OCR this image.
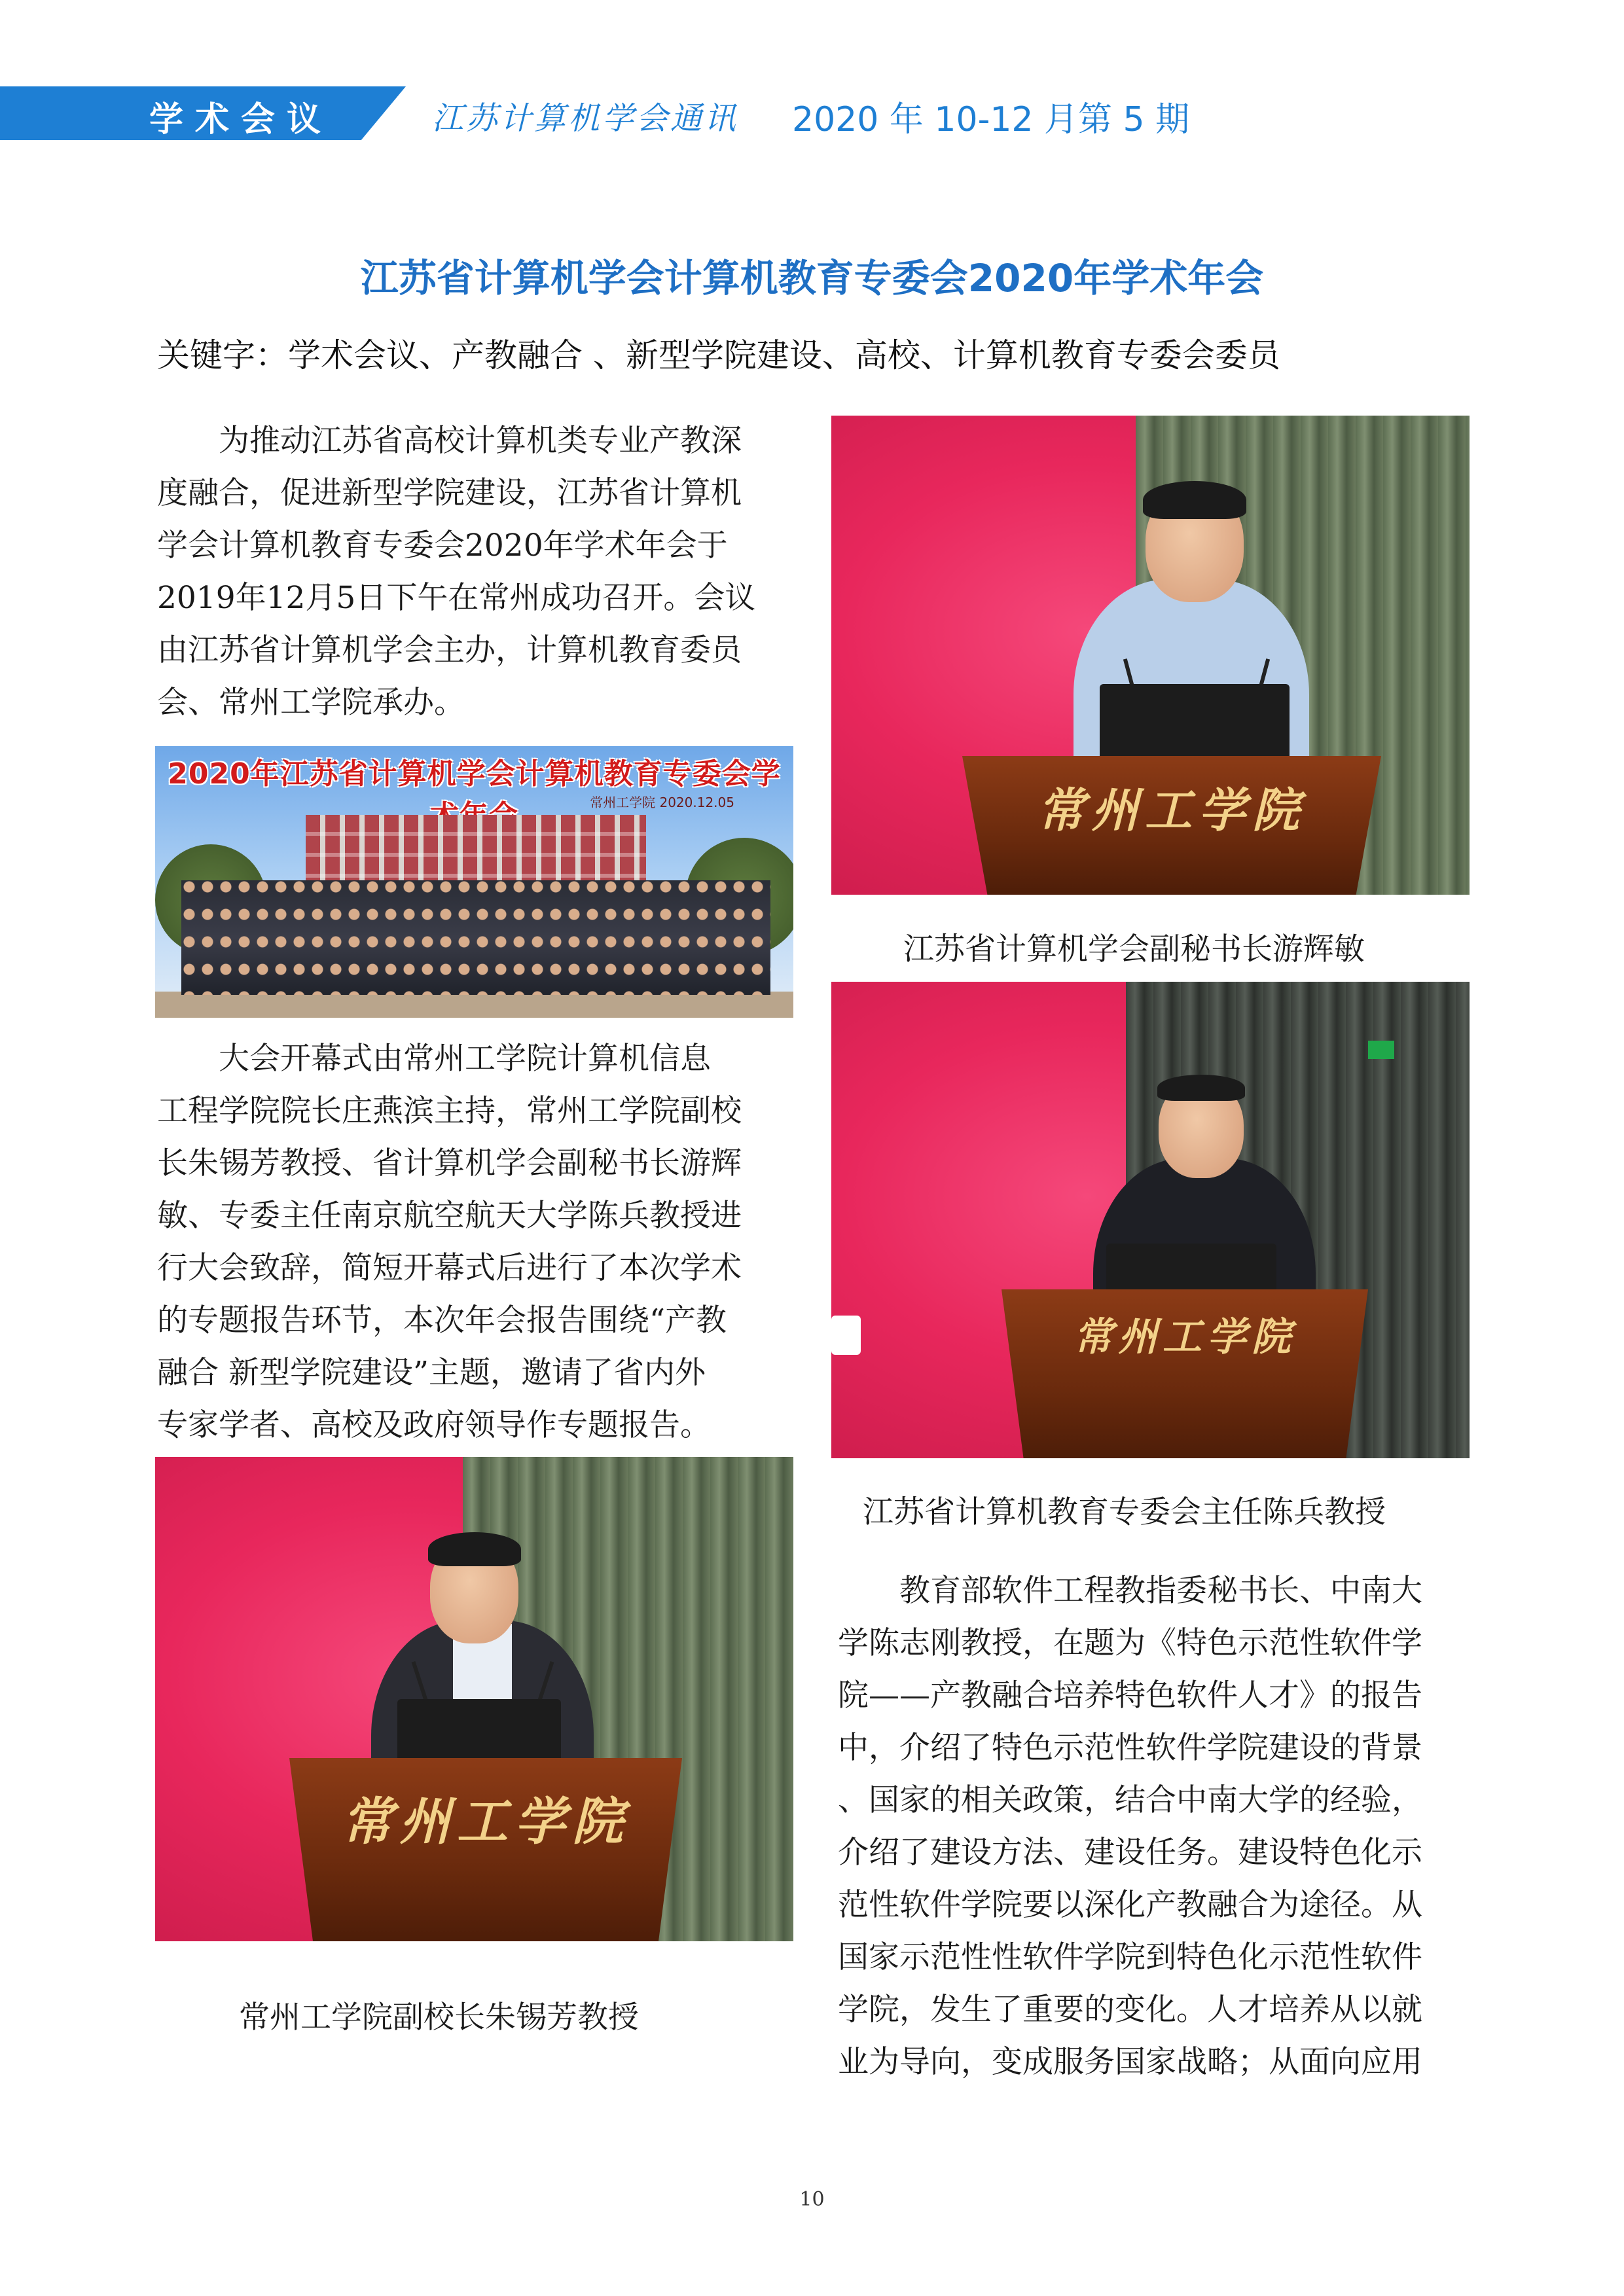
学术会议	江苏计算机学会通讯 2020 年 10-12 月第 5 期
江苏省计算机学会计算机教育专委会2020年学术年会
关键字：学术会议、产教融合 、新型学院建设、高校、计算机教育专委会委员
　　为推动江苏省高校计算机类专业产教深
度融合，促进新型学院建设，江苏省计算机
学会计算机教育专委会2020年学术年会于
2019年12月5日下午在常州成功召开。会议
由江苏省计算机学会主办，计算机教育委员
会、常州工学院承办。
2020年江苏省计算机学会计算机教育专委会学
常州工学院 2020.12.05
　　大会开幕式由常州工学院计算机信息
工程学院院长庄燕滨主持，常州工学院副校
长朱锡芳教授、省计算机学会副秘书长游辉
敏、专委主任南京航空航天大学陈兵教授进
行大会致辞，简短开幕式后进行了本次学术
的专题报告环节，本次年会报告围绕“产教
融合 新型学院建设”主题，邀请了省内外
专家学者、高校及政府领导作专题报告。
常州工学院
常州工学院副校长朱锡芳教授
常州工学院
江苏省计算机学会副秘书长游辉敏
常州工学院
江苏省计算机教育专委会主任陈兵教授
　　教育部软件工程教指委秘书长、中南大
学陈志刚教授，在题为《特色示范性软件学
院——产教融合培养特色软件人才》的报告
中，介绍了特色示范性软件学院建设的背景
、国家的相关政策，结合中南大学的经验，
介绍了建设方法、建设任务。建设特色化示
范性软件学院要以深化产教融合为途径。从
国家示范性性软件学院到特色化示范性软件
学院，发生了重要的变化。人才培养从以就
业为导向，变成服务国家战略；从面向应用
10
